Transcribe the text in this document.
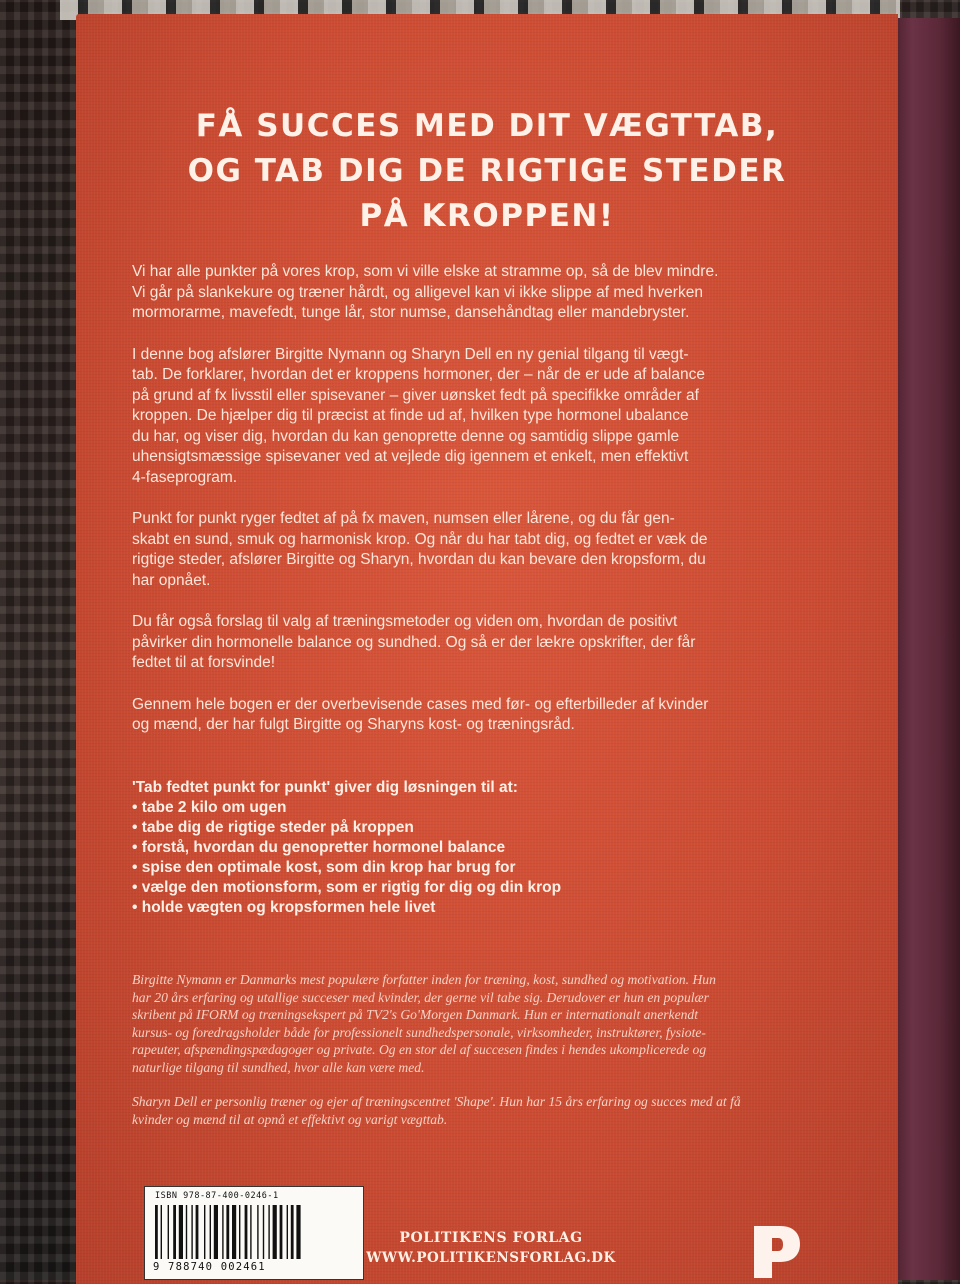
FÅ SUCCES MED DIT VÆGTTAB,
OG TAB DIG DE RIGTIGE STEDER
PÅ KROPPEN!

Vi har alle punkter på vores krop, som vi ville elske at stramme op, så de blev mindre.
Vi går på slankekure og træner hårdt, og alligevel kan vi ikke slippe af med hverken
mormorarme, mavefedt, tunge lår, stor numse, dansehåndtag eller mandebryster.

I denne bog afslører Birgitte Nymann og Sharyn Dell en ny genial tilgang til vægt-
tab. De forklarer, hvordan det er kroppens hormoner, der – når de er ude af balance
på grund af fx livsstil eller spisevaner – giver uønsket fedt på specifikke områder af
kroppen. De hjælper dig til præcist at finde ud af, hvilken type hormonel ubalance
du har, og viser dig, hvordan du kan genoprette denne og samtidig slippe gamle
uhensigtsmæssige spisevaner ved at vejlede dig igennem et enkelt, men effektivt
4-faseprogram.

Punkt for punkt ryger fedtet af på fx maven, numsen eller lårene, og du får gen-
skabt en sund, smuk og harmonisk krop. Og når du har tabt dig, og fedtet er væk de
rigtige steder, afslører Birgitte og Sharyn, hvordan du kan bevare den kropsform, du
har opnået.

Du får også forslag til valg af træningsmetoder og viden om, hvordan de positivt
påvirker din hormonelle balance og sundhed. Og så er der lækre opskrifter, der får
fedtet til at forsvinde!

Gennem hele bogen er der overbevisende cases med før- og efterbilleder af kvinder
og mænd, der har fulgt Birgitte og Sharyns kost- og træningsråd.

'Tab fedtet punkt for punkt' giver dig løsningen til at:
• tabe 2 kilo om ugen
• tabe dig de rigtige steder på kroppen
• forstå, hvordan du genopretter hormonel balance
• spise den optimale kost, som din krop har brug for
• vælge den motionsform, som er rigtig for dig og din krop
• holde vægten og kropsformen hele livet

Birgitte Nymann er Danmarks mest populære forfatter inden for træning, kost, sundhed og motivation. Hun
har 20 års erfaring og utallige succeser med kvinder, der gerne vil tabe sig. Derudover er hun en populær
skribent på IFORM og træningsekspert på TV2's Go'Morgen Danmark. Hun er internationalt anerkendt
kursus- og foredragsholder både for professionelt sundhedspersonale, virksomheder, instruktører, fysiote-
rapeuter, afspændingspædagoger og private. Og en stor del af succesen findes i hendes ukomplicerede og
naturlige tilgang til sundhed, hvor alle kan være med.

Sharyn Dell er personlig træner og ejer af træningscentret 'Shape'. Hun har 15 års erfaring og succes med at få
kvinder og mænd til at opnå et effektivt og varigt vægttab.

ISBN 978-87-400-0246-1
9 788740 002461
POLITIKENS FORLAG
WWW.POLITIKENSFORLAG.DK
